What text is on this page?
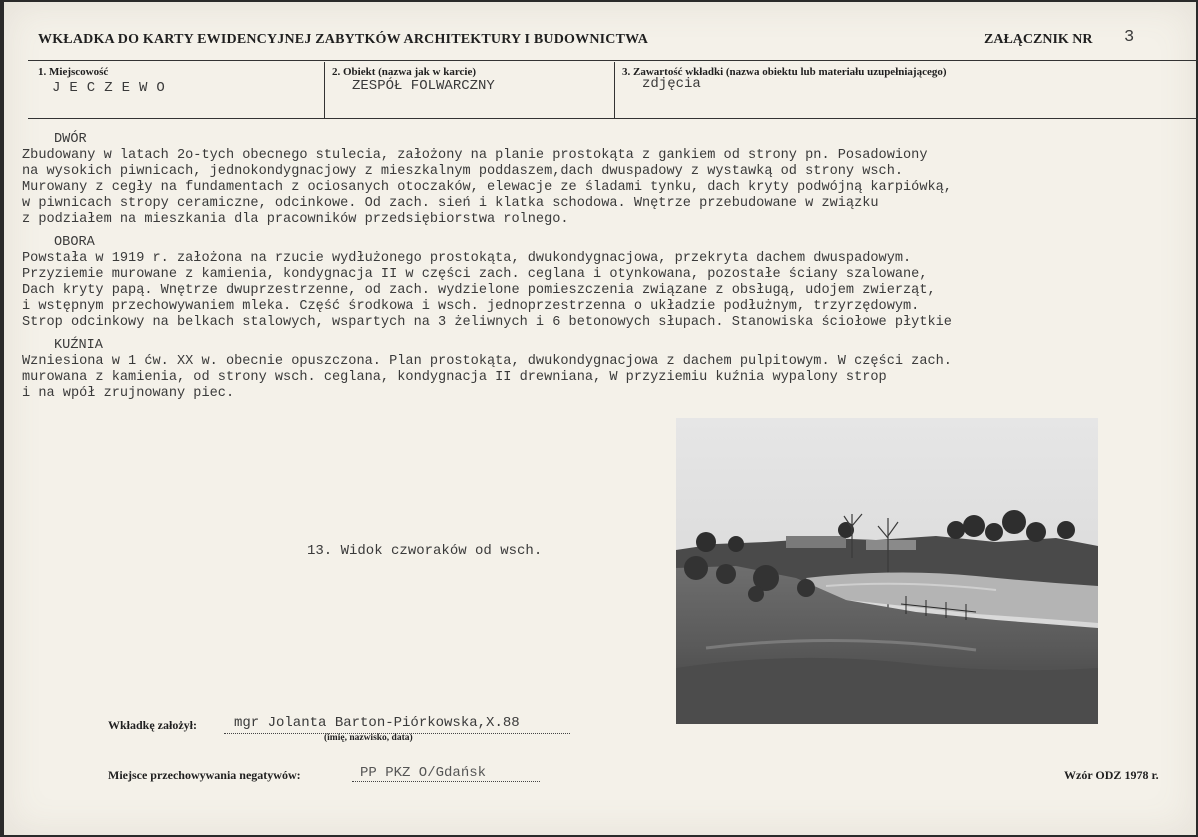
WKŁADKA DO KARTY EWIDENCYJNEJ ZABYTKÓW ARCHITEKTURY I BUDOWNICTWA	ZAŁĄCZNIK NR 3
1. Miejscowość
JECZEWO
2. Obiekt (nazwa jak w karcie)
ZESPÓŁ FOLWARCZNY
3. Zawartość wkładki (nazwa obiektu lub materiału uzupełniającego)
zdjęcia
DWÓR
Zbudowany w latach 2o-tych obecnego stulecia, założony na planie prostokąta z gankiem od strony pn. Posadowiony
na wysokich piwnicach, jednokondygnacjowy z mieszkalnym poddaszem,dach dwuspadowy z wystawką od strony wsch.
Murowany z cegły na fundamentach z ociosanych otoczaków, elewacje ze śladami tynku, dach kryty podwójną karpiówką,
w piwnicach stropy ceramiczne, odcinkowe. Od zach. sień i klatka schodowa. Wnętrze przebudowane w związku
z podziałem na mieszkania dla pracowników przedsiębiorstwa rolnego.
OBORA
Powstała w 1919 r. założona na rzucie wydłużonego prostokąta, dwukondygnacjowa, przekryta dachem dwuspadowym.
Przyziemie murowane z kamienia, kondygnacja II w części zach. ceglana i otynkowana, pozostałe ściany szalowane,
Dach kryty papą. Wnętrze dwuprzestrzenne, od zach. wydzielone pomieszczenia związane z obsługą, udojem zwierząt,
i wstępnym przechowywaniem mleka. Część środkowa i wsch. jednoprzestrzenna o układzie podłużnym, trzyrzędowym.
Strop odcinkowy na belkach stalowych, wspartych na 3 żeliwnych i 6 betonowych słupach. Stanowiska ściołowe płytkie
KUŹNIA
Wzniesiona w 1 ćw. XX w. obecnie opuszczona. Plan prostokąta, dwukondygnacjowa z dachem pulpitowym. W części zach.
murowana z kamienia, od strony wsch. ceglana, kondygnacja II drewniana, W przyziemiu kuźnia wypalony strop
i na wpół zrujnowany piec.
13. Widok czworaków od wsch.
Wkładkę założył:	mgr Jolanta Barton-Piórkowska,X.88
(imię, nazwisko, data)
Miejsce przechowywania negatywów:	PP PKZ O/Gdańsk	Wzór ODZ 1978 r.
